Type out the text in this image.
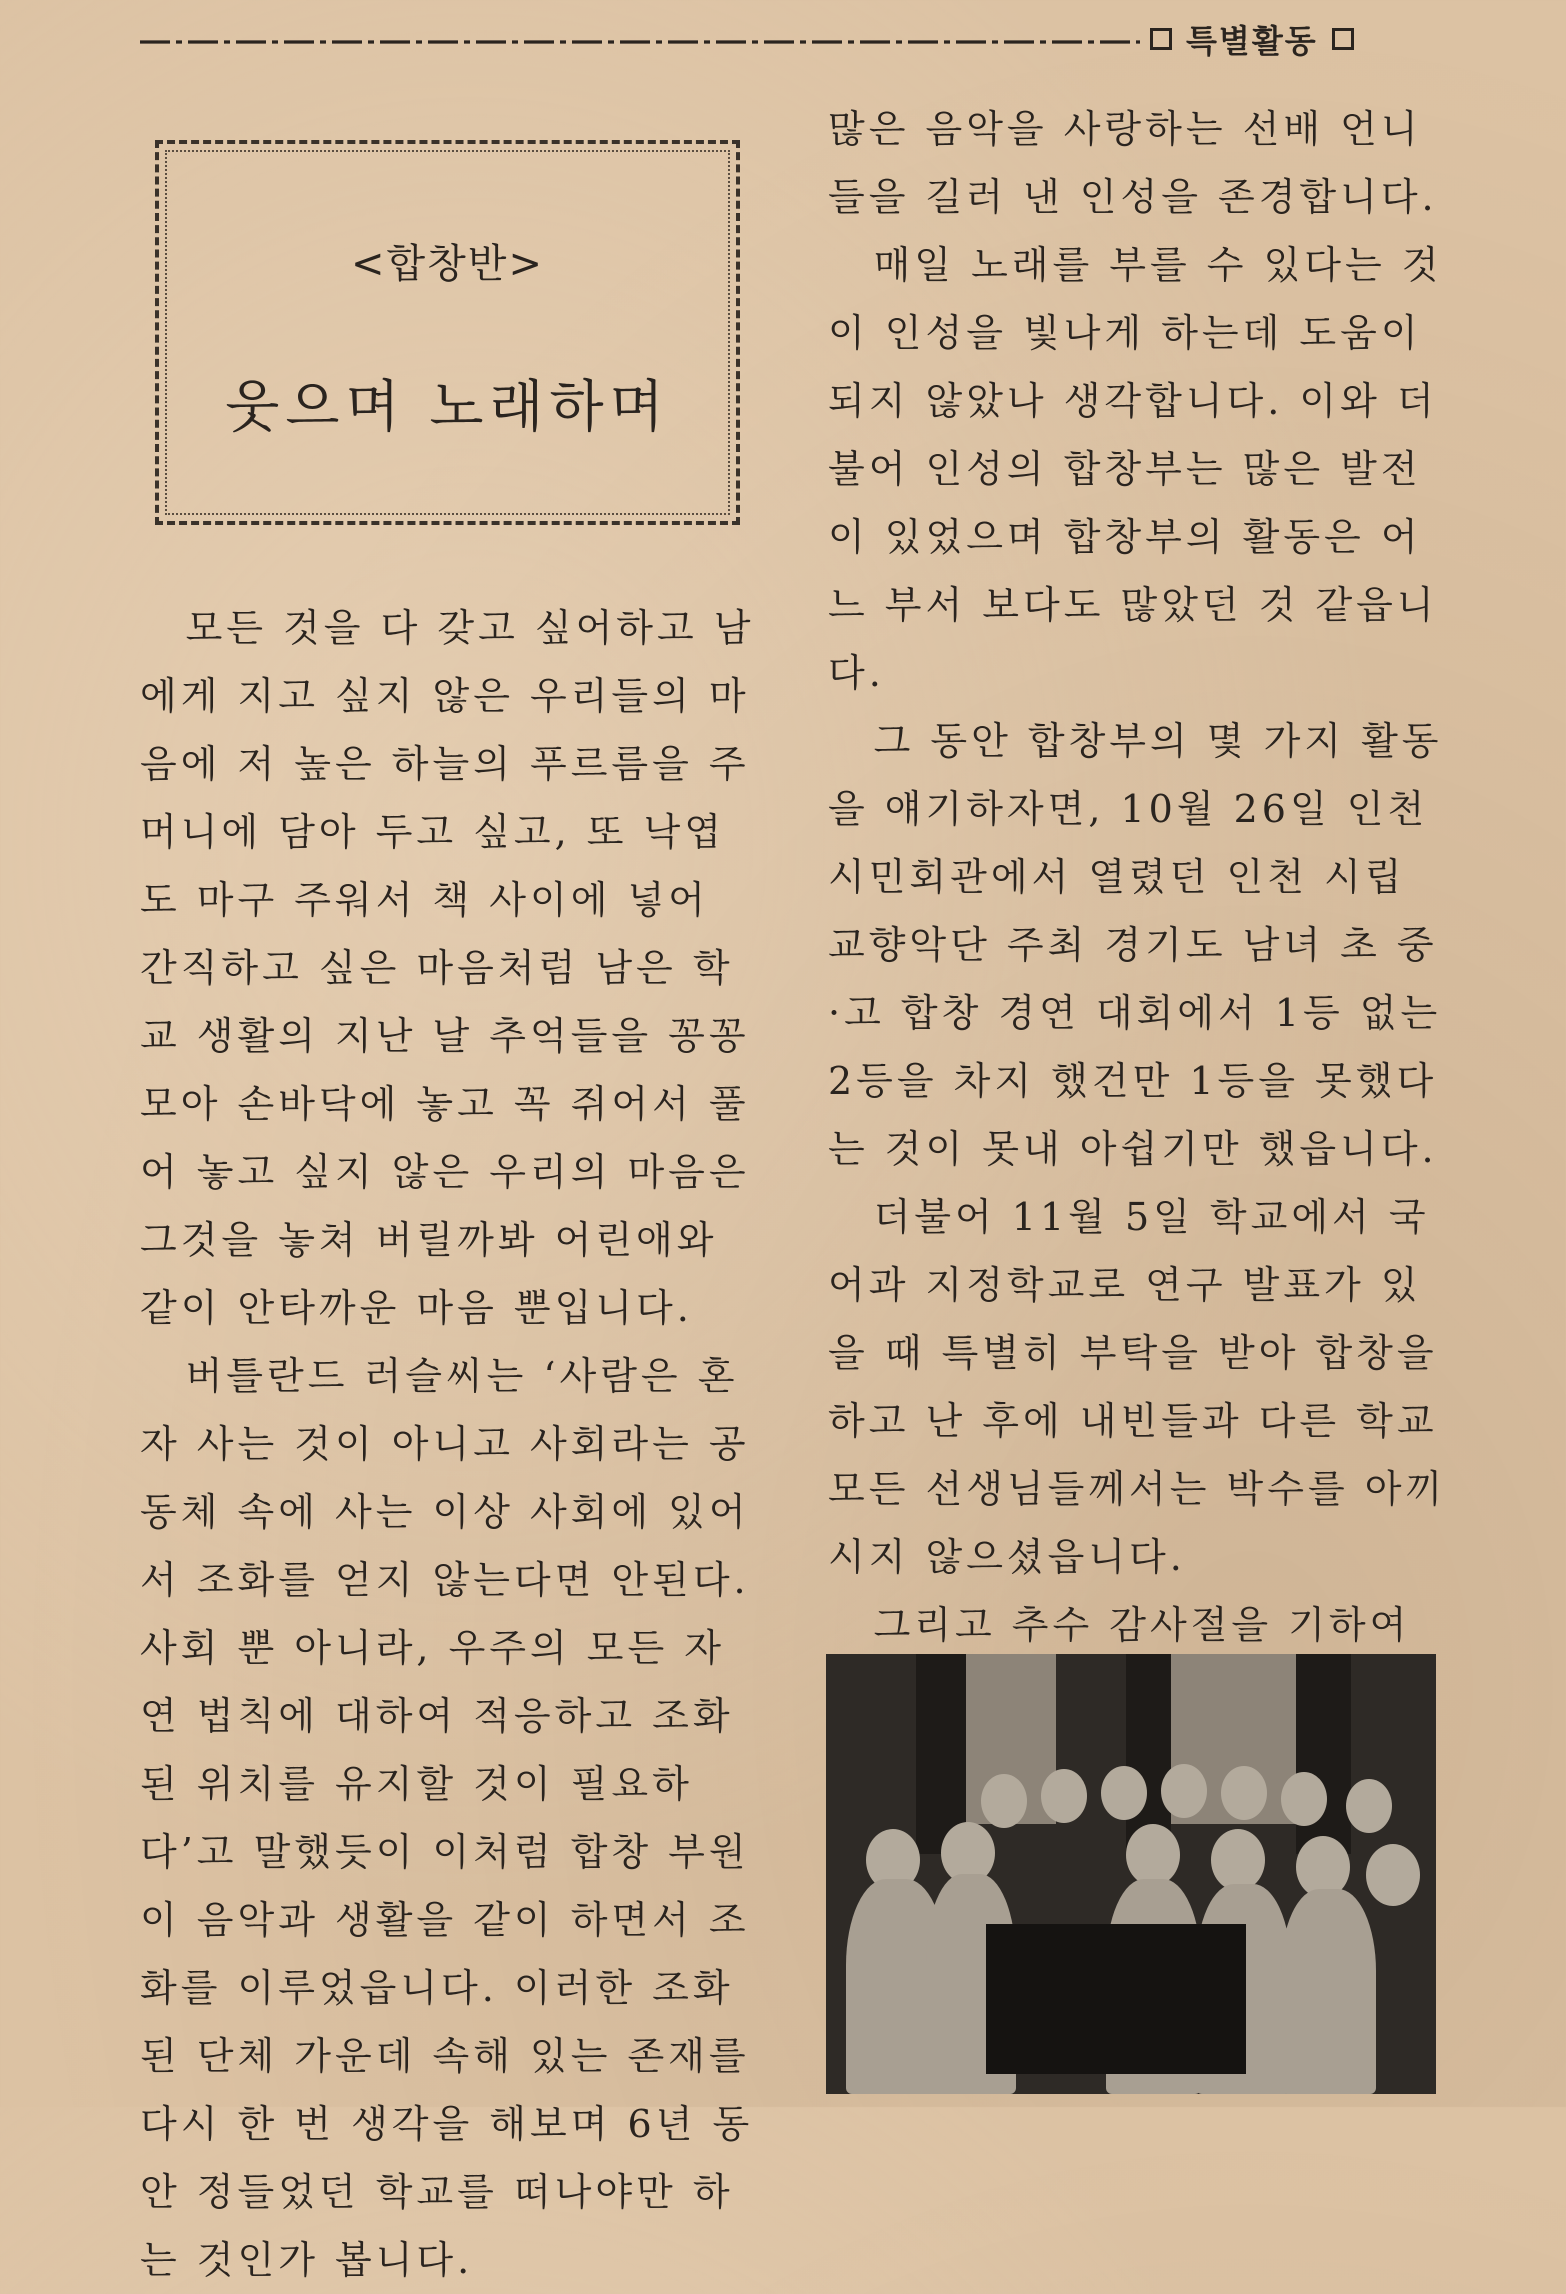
특별활동
<합창반>
웃으며 노래하며

모든 것을 다 갖고 싶어하고 남에게 지고 싶지 않은 우리들의 마음에 저 높은 하늘의 푸르름을 주머니에 담아 두고 싶고, 또 낙엽도 마구 주워서 책 사이에 넣어 간직하고 싶은 마음처럼 남은 학교 생활의 지난 날 추억들을 꽁꽁 모아 손바닥에 놓고 꼭 쥐어서 풀어 놓고 싶지 않은 우리의 마음은 그것을 놓쳐 버릴까봐 어린애와 같이 안타까운 마음 뿐입니다.

버틀란드 러슬씨는 ‘사람은 혼자 사는 것이 아니고 사회라는 공동체 속에 사는 이상 사회에 있어서 조화를 얻지 않는다면 안된다. 사회 뿐 아니라, 우주의 모든 자연 법칙에 대하여 적응하고 조화된 위치를 유지할 것이 필요하다’고 말했듯이 이처럼 합창 부원이 음악과 생활을 같이 하면서 조화를 이루었읍니다. 이러한 조화된 단체 가운데 속해 있는 존재를 다시 한 번 생각을 해보며 6년 동안 정들었던 학교를 떠나야만 하는 것인가 봅니다.

많은 음악을 사랑하는 선배 언니들을 길러 낸 인성을 존경합니다.

매일 노래를 부를 수 있다는 것이 인성을 빛나게 하는데 도움이 되지 않았나 생각합니다. 이와 더불어 인성의 합창부는 많은 발전이 있었으며 합창부의 활동은 어느 부서 보다도 많았던 것 같읍니다.

그 동안 합창부의 몇 가지 활동을 얘기하자면, 10월 26일 인천 시민회관에서 열렸던 인천 시립 교향악단 주최 경기도 남녀 초 중·고 합창 경연 대회에서 1등 없는 2등을 차지 했건만 1등을 못했다는 것이 못내 아쉽기만 했읍니다.

더불어 11월 5일 학교에서 국어과 지정학교로 연구 발표가 있을 때 특별히 부탁을 받아 합창을 하고 난 후에 내빈들과 다른 학교 모든 선생님들께서는 박수를 아끼시지 않으셨읍니다.

그리고 추수 감사절을 기하여
